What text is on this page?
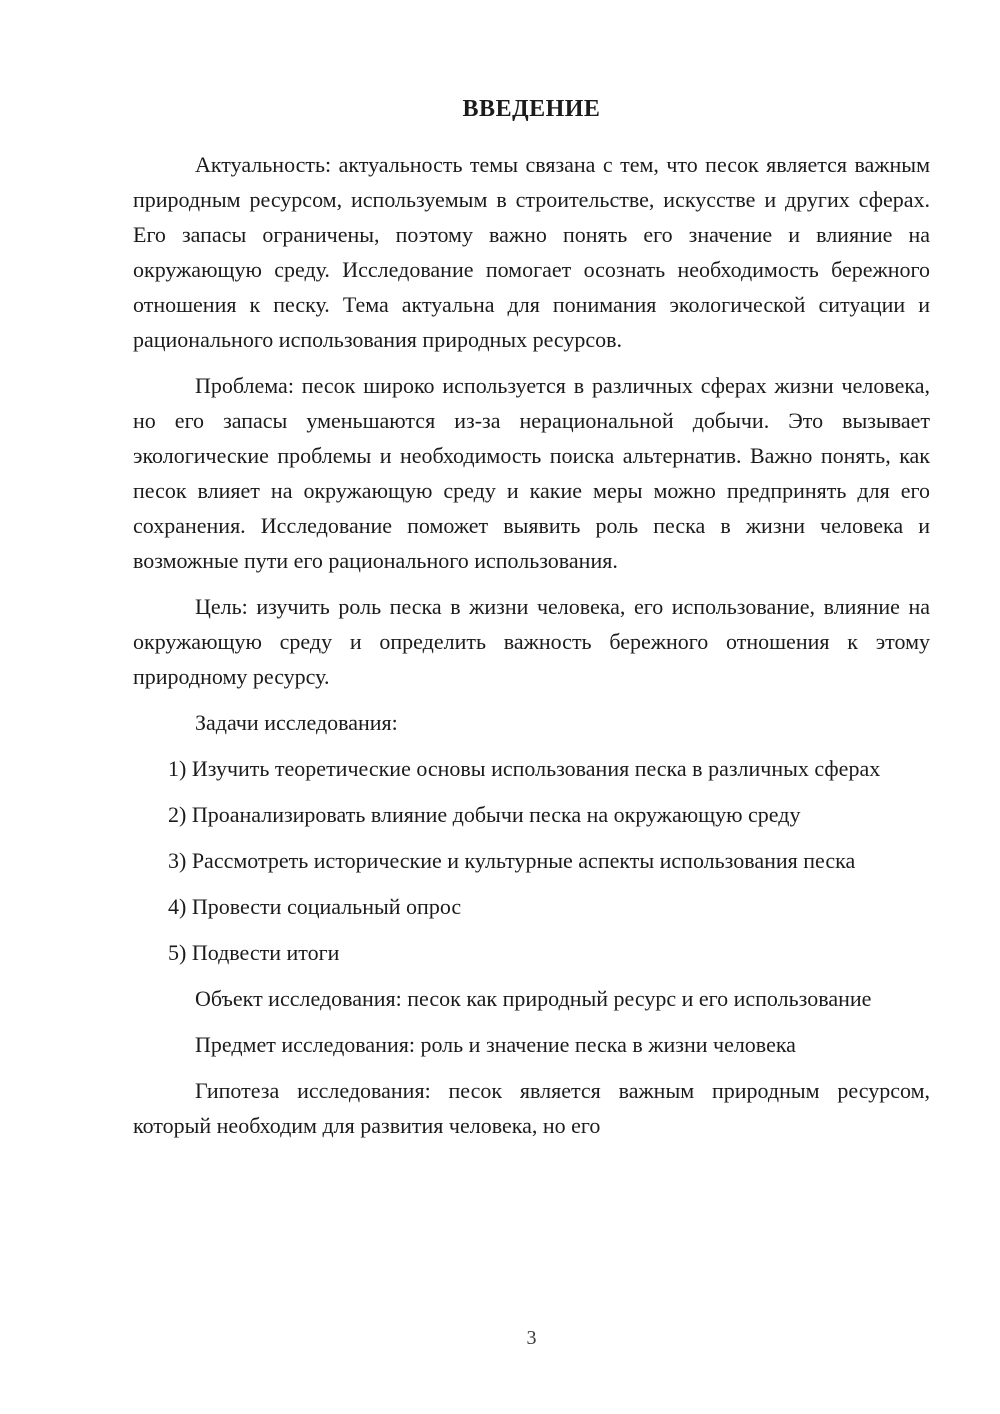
ВВЕДЕНИЕ

Актуальность: актуальность темы связана с тем, что песок является важным природным ресурсом, используемым в строительстве, искусстве и других сферах. Его запасы ограничены, поэтому важно понять его значение и влияние на окружающую среду. Исследование помогает осознать необходимость бережного отношения к песку. Тема актуальна для понимания экологической ситуации и рационального использования природных ресурсов.

Проблема: песок широко используется в различных сферах жизни человека, но его запасы уменьшаются из-за нерациональной добычи. Это вызывает экологические проблемы и необходимость поиска альтернатив. Важно понять, как песок влияет на окружающую среду и какие меры можно предпринять для его сохранения. Исследование поможет выявить роль песка в жизни человека и возможные пути его рационального использования.

Цель: изучить роль песка в жизни человека, его использование, влияние на окружающую среду и определить важность бережного отношения к этому природному ресурсу.

Задачи исследования:

1) Изучить теоретические основы использования песка в различных сферах

2) Проанализировать влияние добычи песка на окружающую среду

3) Рассмотреть исторические и культурные аспекты использования песка

4) Провести социальный опрос

5) Подвести итоги

Объект исследования: песок как природный ресурс и его использование

Предмет исследования: роль и значение песка в жизни человека

Гипотеза исследования: песок является важным природным ресурсом, который необходим для развития человека, но его

3
